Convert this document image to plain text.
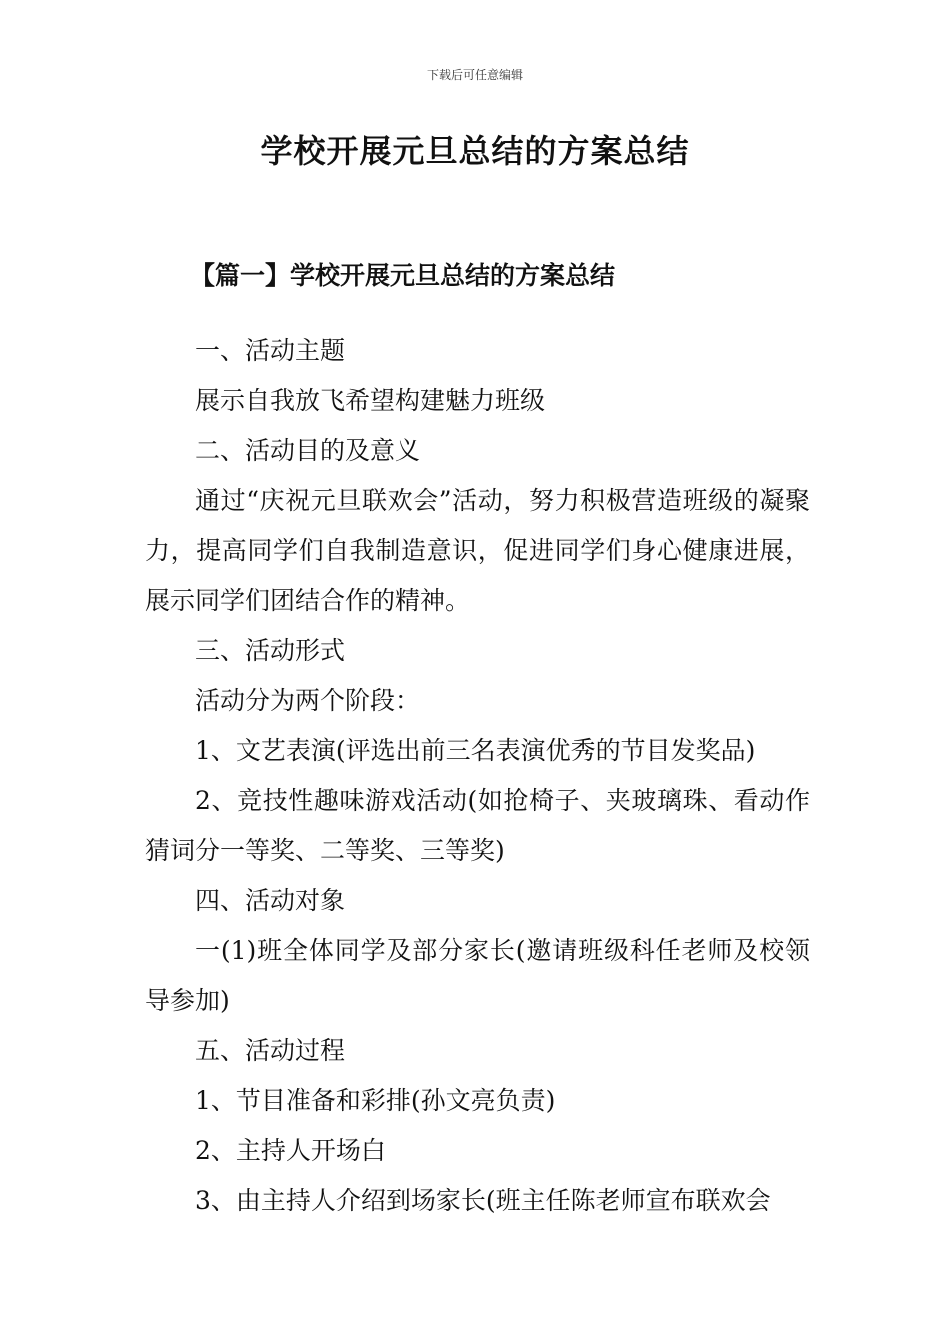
下载后可任意编辑
学校开展元旦总结的方案总结
【篇一】学校开展元旦总结的方案总结

一、活动主题

展示自我放飞希望构建魅力班级

二、活动目的及意义

通过“庆祝元旦联欢会”活动，努力积极营造班级的凝聚力，提高同学们自我制造意识，促进同学们身心健康进展，展示同学们团结合作的精神。

三、活动形式

活动分为两个阶段：

1、文艺表演(评选出前三名表演优秀的节目发奖品)

2、竞技性趣味游戏活动(如抢椅子、夹玻璃珠、看动作猜词分一等奖、二等奖、三等奖)

四、活动对象

一(1)班全体同学及部分家长(邀请班级科任老师及校领导参加)

五、活动过程

1、节目准备和彩排(孙文亮负责)

2、主持人开场白

3、由主持人介绍到场家长(班主任陈老师宣布联欢会
